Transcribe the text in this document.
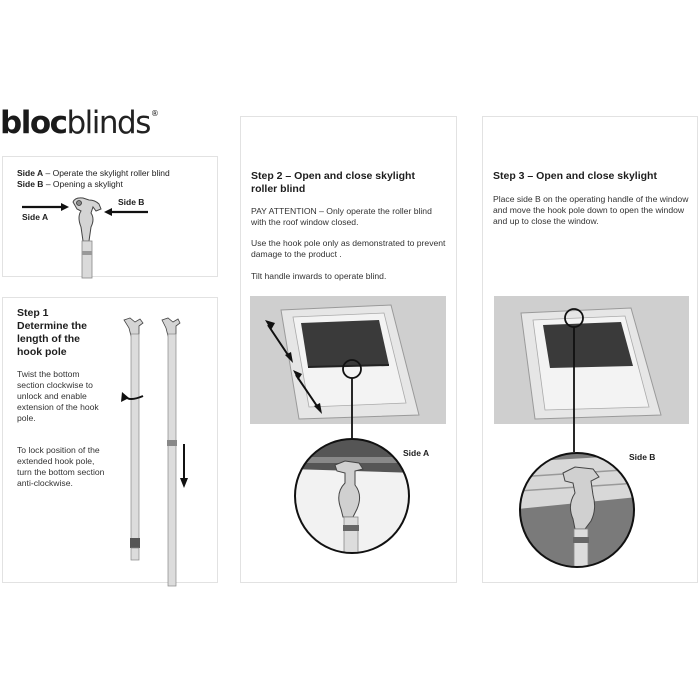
blocblinds®
Side A – Operate the skylight roller blind
Side B – Opening a skylight
Side A
Side B
Step 1
Determine the
length of the
hook pole
Twist the bottom section clockwise to unlock and enable extension of the hook pole.
To lock position of the extended hook pole, turn the bottom section anti-clockwise.
Step 2 – Open and close skylight roller blind
PAY ATTENTION – Only operate the roller blind with the roof window closed.
Use the hook pole only as demonstrated to prevent damage to the product .
Tilt handle inwards to operate blind.
Side A
Step 3 – Open and close skylight
Place side B on the operating handle of the window and move the hook pole down to open the window and up to close the window.
Side B
